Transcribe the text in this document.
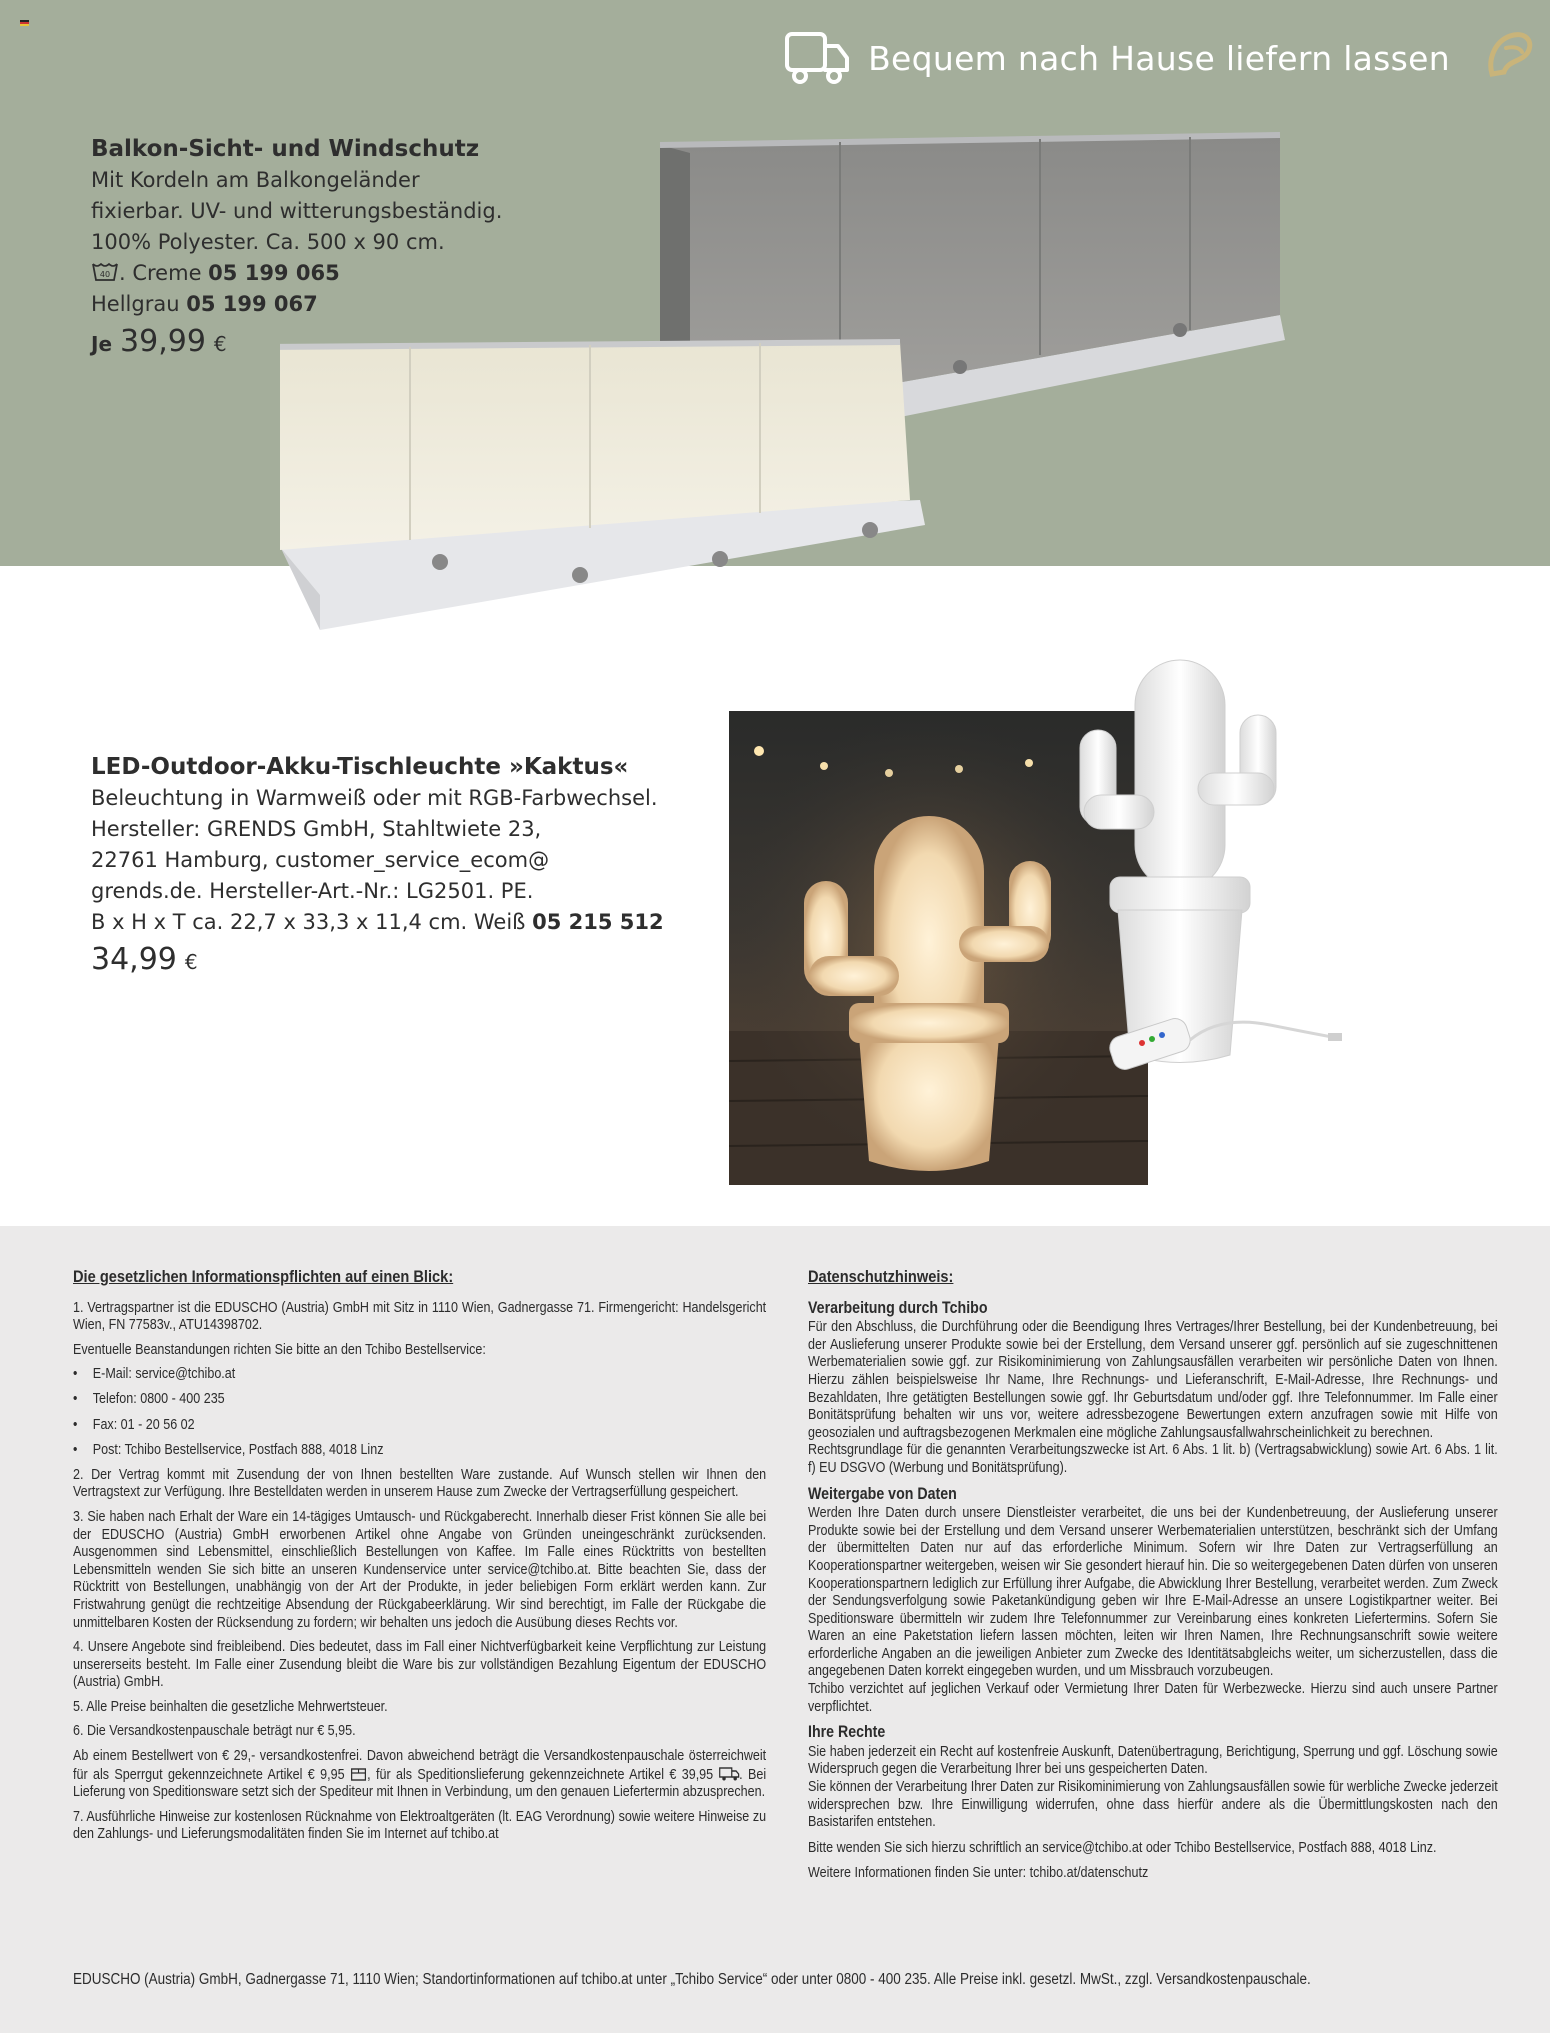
Bequem nach Hause liefern lassen
Balkon-Sicht- und Windschutz
Mit Kordeln am Balkongeländer
fixierbar. UV- und witterungsbeständig.
100% Polyester. Ca. 500 x 90 cm.
40 . Creme 05 199 065
Hellgrau 05 199 067
Je 39,99 €
LED-Outdoor-Akku-Tischleuchte »Kaktus«
Beleuchtung in Warmweiß oder mit RGB-Farbwechsel.
Hersteller: GRENDS GmbH, Stahltwiete 23,
22761 Hamburg, customer_service_ecom@
grends.de. Hersteller-Art.-Nr.: LG2501. PE.
B x H x T ca. 22,7 x 33,3 x 11,4 cm. Weiß 05 215 512
34,99 €
Die gesetzlichen Informationspflichten auf einen Blick:

1. Vertragspartner ist die EDUSCHO (Austria) GmbH mit Sitz in 1110 Wien, Gadnergasse 71. Firmengericht: Handelsgericht Wien, FN 77583v., ATU14398702.

Eventuelle Beanstandungen richten Sie bitte an den Tchibo Bestellservice:

• E-Mail: service@tchibo.at
• Telefon: 0800 - 400 235
• Fax: 01 - 20 56 02
• Post: Tchibo Bestellservice, Postfach 888, 4018 Linz

2. Der Vertrag kommt mit Zusendung der von Ihnen bestellten Ware zustande. Auf Wunsch stellen wir Ihnen den Vertragstext zur Verfügung. Ihre Bestelldaten werden in unserem Hause zum Zwecke der Vertragserfüllung gespeichert.

3. Sie haben nach Erhalt der Ware ein 14-tägiges Umtausch- und Rückgaberecht. Innerhalb dieser Frist können Sie alle bei der EDUSCHO (Austria) GmbH erworbenen Artikel ohne Angabe von Gründen uneingeschränkt zurücksenden. Ausgenommen sind Lebensmittel, einschließlich Bestellungen von Kaffee. Im Falle eines Rücktritts von bestellten Lebensmitteln wenden Sie sich bitte an unseren Kundenservice unter service@tchibo.at. Bitte beachten Sie, dass der Rücktritt von Bestellungen, unabhängig von der Art der Produkte, in jeder beliebigen Form erklärt werden kann. Zur Fristwahrung genügt die rechtzeitige Absendung der Rückgabeerklärung. Wir sind berechtigt, im Falle der Rückgabe die unmittelbaren Kosten der Rücksendung zu fordern; wir behalten uns jedoch die Ausübung dieses Rechts vor.

4. Unsere Angebote sind freibleibend. Dies bedeutet, dass im Fall einer Nichtverfügbarkeit keine Verpflichtung zur Leistung unsererseits besteht. Im Falle einer Zusendung bleibt die Ware bis zur vollständigen Bezahlung Eigentum der EDUSCHO (Austria) GmbH.

5. Alle Preise beinhalten die gesetzliche Mehrwertsteuer.

6. Die Versandkostenpauschale beträgt nur € 5,95.

Ab einem Bestellwert von € 29,- versandkostenfrei. Davon abweichend beträgt die Versandkostenpauschale österreichweit für als Sperrgut gekennzeichnete Artikel € 9,95 , für als Speditionslieferung gekennzeichnete Artikel € 39,95 . Bei Lieferung von Speditionsware setzt sich der Spediteur mit Ihnen in Verbindung, um den genauen Liefertermin abzusprechen.

7. Ausführliche Hinweise zur kostenlosen Rücknahme von Elektroaltgeräten (lt. EAG Verordnung) sowie weitere Hinweise zu den Zahlungs- und Lieferungsmodalitäten finden Sie im Internet auf tchibo.at

Datenschutzhinweis:
Verarbeitung durch Tchibo

Für den Abschluss, die Durchführung oder die Beendigung Ihres Vertrages/Ihrer Bestellung, bei der Kundenbetreuung, bei der Auslieferung unserer Produkte sowie bei der Erstellung, dem Versand unserer ggf. persönlich auf sie zugeschnittenen Werbematerialien sowie ggf. zur Risikominimierung von Zahlungsausfällen verarbeiten wir persönliche Daten von Ihnen. Hierzu zählen beispielsweise Ihr Name, Ihre Rechnungs- und Lieferanschrift, E-Mail-Adresse, Ihre Rechnungs- und Bezahldaten, Ihre getätigten Bestellungen sowie ggf. Ihr Geburtsdatum und/oder ggf. Ihre Telefonnummer. Im Falle einer Bonitätsprüfung behalten wir uns vor, weitere adressbezogene Bewertungen extern anzufragen sowie mit Hilfe von geosozialen und auftragsbezogenen Merkmalen eine mögliche Zahlungsausfallwahrscheinlichkeit zu berechnen.

Rechtsgrundlage für die genannten Verarbeitungszwecke ist Art. 6 Abs. 1 lit. b) (Vertragsabwicklung) sowie Art. 6 Abs. 1 lit. f) EU DSGVO (Werbung und Bonitätsprüfung).

Weitergabe von Daten

Werden Ihre Daten durch unsere Dienstleister verarbeitet, die uns bei der Kundenbetreuung, der Auslieferung unserer Produkte sowie bei der Erstellung und dem Versand unserer Werbematerialien unterstützen, beschränkt sich der Umfang der übermittelten Daten nur auf das erforderliche Minimum. Sofern wir Ihre Daten zur Vertragserfüllung an Kooperationspartner weitergeben, weisen wir Sie gesondert hierauf hin. Die so weitergegebenen Daten dürfen von unseren Kooperationspartnern lediglich zur Erfüllung ihrer Aufgabe, die Abwicklung Ihrer Bestellung, verarbeitet werden. Zum Zweck der Sendungsverfolgung sowie Paketankündigung geben wir Ihre E-Mail-Adresse an unsere Logistikpartner weiter. Bei Speditionsware übermitteln wir zudem Ihre Telefonnummer zur Vereinbarung eines konkreten Liefertermins. Sofern Sie Waren an eine Paketstation liefern lassen möchten, leiten wir Ihren Namen, Ihre Rechnungsanschrift sowie weitere erforderliche Angaben an die jeweiligen Anbieter zum Zwecke des Identitätsabgleichs weiter, um sicherzustellen, dass die angegebenen Daten korrekt eingegeben wurden, und um Missbrauch vorzubeugen.

Tchibo verzichtet auf jeglichen Verkauf oder Vermietung Ihrer Daten für Werbezwecke. Hierzu sind auch unsere Partner verpflichtet.

Ihre Rechte

Sie haben jederzeit ein Recht auf kostenfreie Auskunft, Datenübertragung, Berichtigung, Sperrung und ggf. Löschung sowie Widerspruch gegen die Verarbeitung Ihrer bei uns gespeicherten Daten.

Sie können der Verarbeitung Ihrer Daten zur Risikominimierung von Zahlungsausfällen sowie für werbliche Zwecke jederzeit widersprechen bzw. Ihre Einwilligung widerrufen, ohne dass hierfür andere als die Übermittlungskosten nach den Basistarifen entstehen.

Bitte wenden Sie sich hierzu schriftlich an service@tchibo.at oder Tchibo Bestellservice, Postfach 888, 4018 Linz.

Weitere Informationen finden Sie unter: tchibo.at/datenschutz

EDUSCHO (Austria) GmbH, Gadnergasse 71, 1110 Wien; Standortinformationen auf tchibo.at unter „Tchibo Service“ oder unter 0800 - 400 235. Alle Preise inkl. gesetzl. MwSt., zzgl. Versandkostenpauschale.
